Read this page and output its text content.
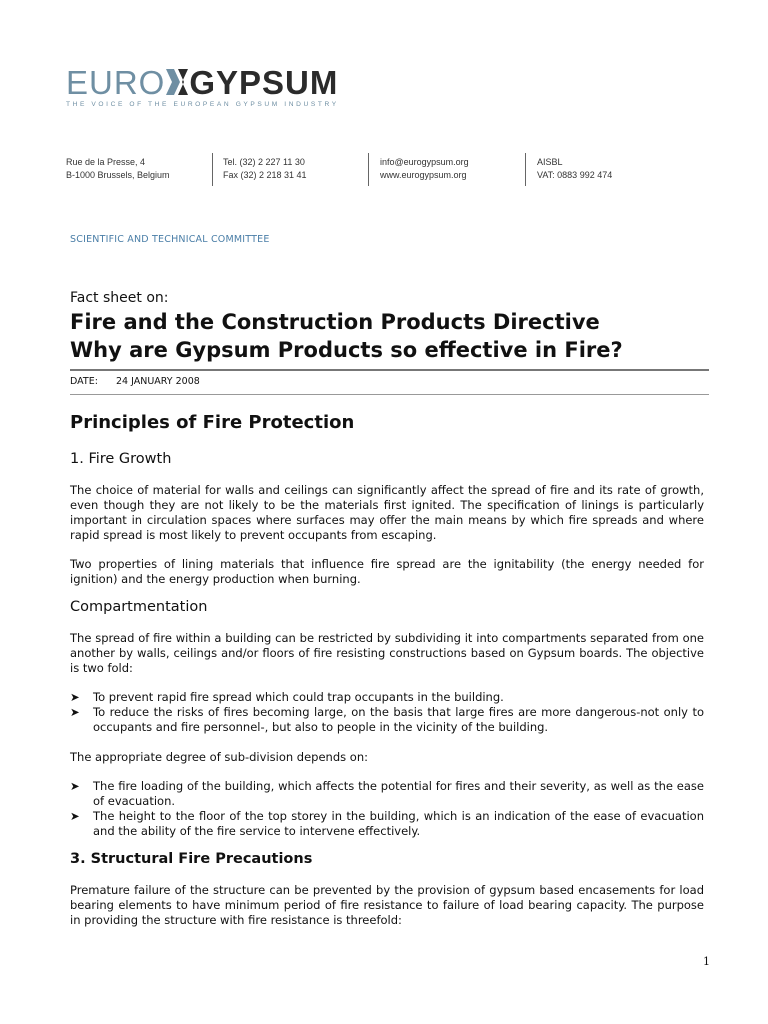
EURO GYPSUM
THE VOICE OF THE EUROPEAN GYPSUM INDUSTRY
Rue de la Presse, 4
B-1000 Brussels, Belgium
Tel. (32) 2 227 11 30
Fax (32) 2 218 31 41
info@eurogypsum.org
www.eurogypsum.org
AISBL
VAT: 0883 992 474
SCIENTIFIC AND TECHNICAL COMMITTEE
Fact sheet on:
Fire and the Construction Products Directive
Why are Gypsum Products so effective in Fire?
DATE: 24 JANUARY 2008
Principles of Fire Protection
1. Fire Growth
The choice of material for walls and ceilings can significantly affect the spread of fire and its rate of growth, even though they are not likely to be the materials first ignited. The specification of linings is particularly important in circulation spaces where surfaces may offer the main means by which fire spreads and where rapid spread is most likely to prevent occupants from escaping.
Two properties of lining materials that influence fire spread are the ignitability (the energy needed for ignition) and the energy production when burning.
Compartmentation
The spread of fire within a building can be restricted by subdividing it into compartments separated from one another by walls, ceilings and/or floors of fire resisting constructions based on Gypsum boards. The objective is two fold:
➤	To prevent rapid fire spread which could trap occupants in the building.
➤	To reduce the risks of fires becoming large, on the basis that large fires are more dangerous-not only to occupants and fire personnel-, but also to people in the vicinity of the building.
The appropriate degree of sub-division depends on:
➤	The fire loading of the building, which affects the potential for fires and their severity, as well as the ease of evacuation.
➤	The height to the floor of the top storey in the building, which is an indication of the ease of evacuation and the ability of the fire service to intervene effectively.
3. Structural Fire Precautions
Premature failure of the structure can be prevented by the provision of gypsum based encasements for load bearing elements to have minimum period of fire resistance to failure of load bearing capacity. The purpose in providing the structure with fire resistance is threefold:
1
